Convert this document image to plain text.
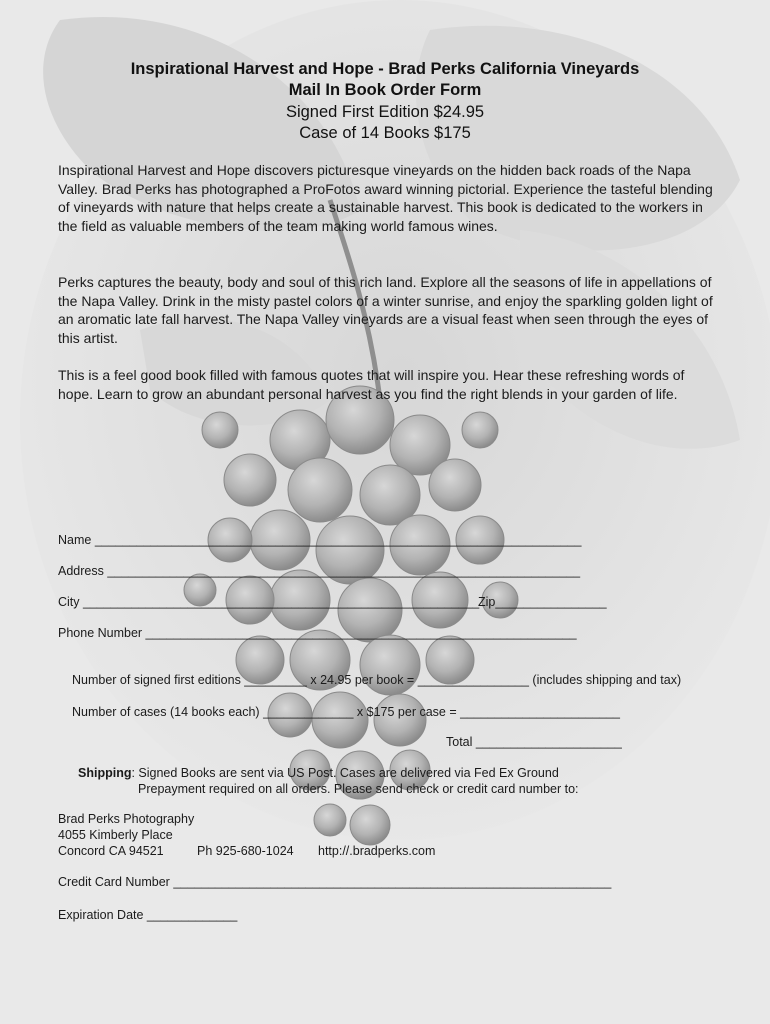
Inspirational Harvest and Hope - Brad Perks California Vineyards
Mail In Book Order Form
Signed First Edition $24.95
Case of 14 Books $175

Inspirational Harvest and Hope discovers picturesque vineyards on the hidden back roads of the Napa Valley. Brad Perks has photographed a ProFotos award winning pictorial. Experience the tasteful blending of vineyards with nature that helps create a sustainable harvest. This book is dedicated to the workers in the field as valuable members of the team making world famous wines.

Perks captures the beauty, body and soul of this rich land. Explore all the seasons of life in appellations of the Napa Valley. Drink in the misty pastel colors of a winter sunrise, and enjoy the sparkling golden light of an aromatic late fall harvest. The Napa Valley vineyards are a visual feast when seen through the eyes of this artist.

This is a feel good book filled with famous quotes that will inspire you. Hear these refreshing words of hope. Learn to grow an abundant personal harvest as you find the right blends in your garden of life.

Name ______________________________________________________________________
Address ____________________________________________________________________
City _________________________________________________________
Zip________________
Phone Number ______________________________________________________________
Number of signed first editions _________ x 24.95 per book = ________________ (includes shipping and tax)
Number of cases (14 books each) _____________ x $175 per case = _______________________
Total _____________________
Shipping: Signed Books are sent via US Post. Cases are delivered via Fed Ex Ground
Prepayment required on all orders. Please send check or credit card number to:
Brad Perks Photography
4055 Kimberly Place
Concord CA 94521	Ph 925-680-1024 http://.bradperks.com
Credit Card Number _______________________________________________________________
Expiration Date _____________
